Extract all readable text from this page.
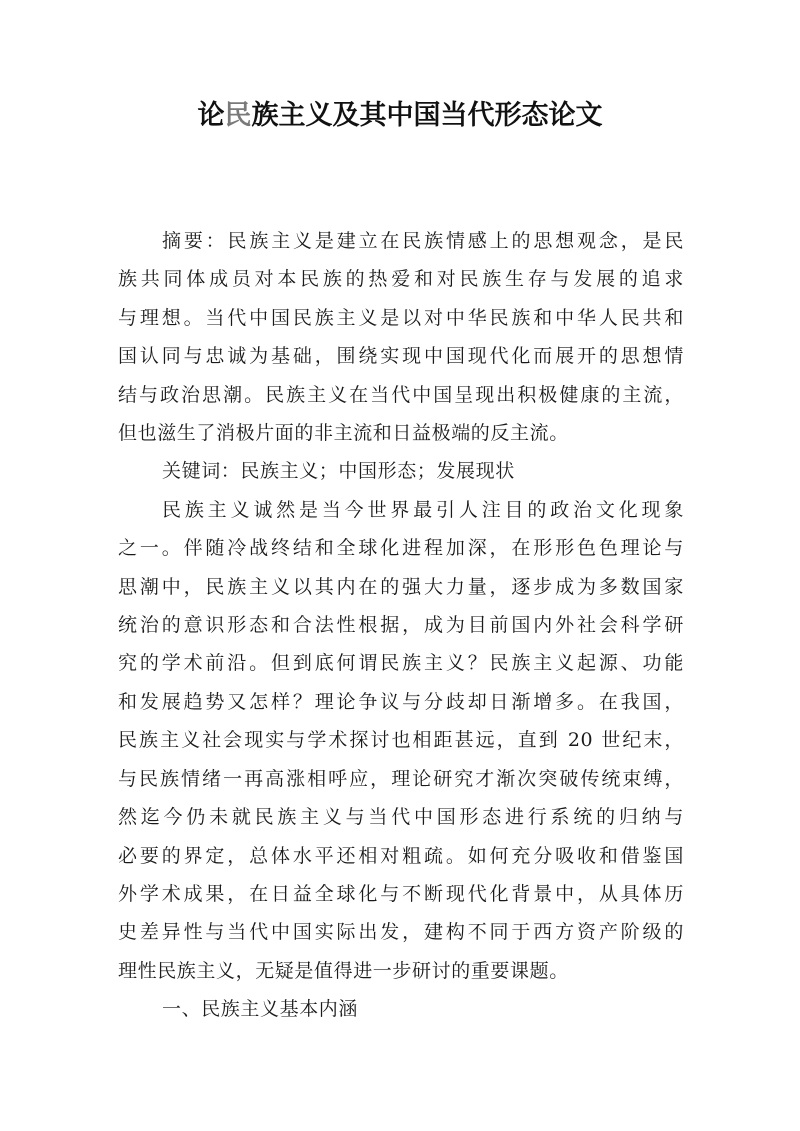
论民族主义及其中国当代形态论文
摘要：民族主义是建立在民族情感上的思想观念，是民
族共同体成员对本民族的热爱和对民族生存与发展的追求
与理想。当代中国民族主义是以对中华民族和中华人民共和
国认同与忠诚为基础，围绕实现中国现代化而展开的思想情
结与政治思潮。民族主义在当代中国呈现出积极健康的主流，
但也滋生了消极片面的非主流和日益极端的反主流。
关键词：民族主义；中国形态；发展现状
民族主义诚然是当今世界最引人注目的政治文化现象
之一。伴随冷战终结和全球化进程加深，在形形色色理论与
思潮中，民族主义以其内在的强大力量，逐步成为多数国家
统治的意识形态和合法性根据，成为目前国内外社会科学研
究的学术前沿。但到底何谓民族主义？民族主义起源、功能
和发展趋势又怎样？理论争议与分歧却日渐增多。在我国，
民族主义社会现实与学术探讨也相距甚远，直到 20 世纪末，
与民族情绪一再高涨相呼应，理论研究才渐次突破传统束缚，
然迄今仍未就民族主义与当代中国形态进行系统的归纳与
必要的界定，总体水平还相对粗疏。如何充分吸收和借鉴国
外学术成果，在日益全球化与不断现代化背景中，从具体历
史差异性与当代中国实际出发，建构不同于西方资产阶级的
理性民族主义，无疑是值得进一步研讨的重要课题。
一、民族主义基本内涵
